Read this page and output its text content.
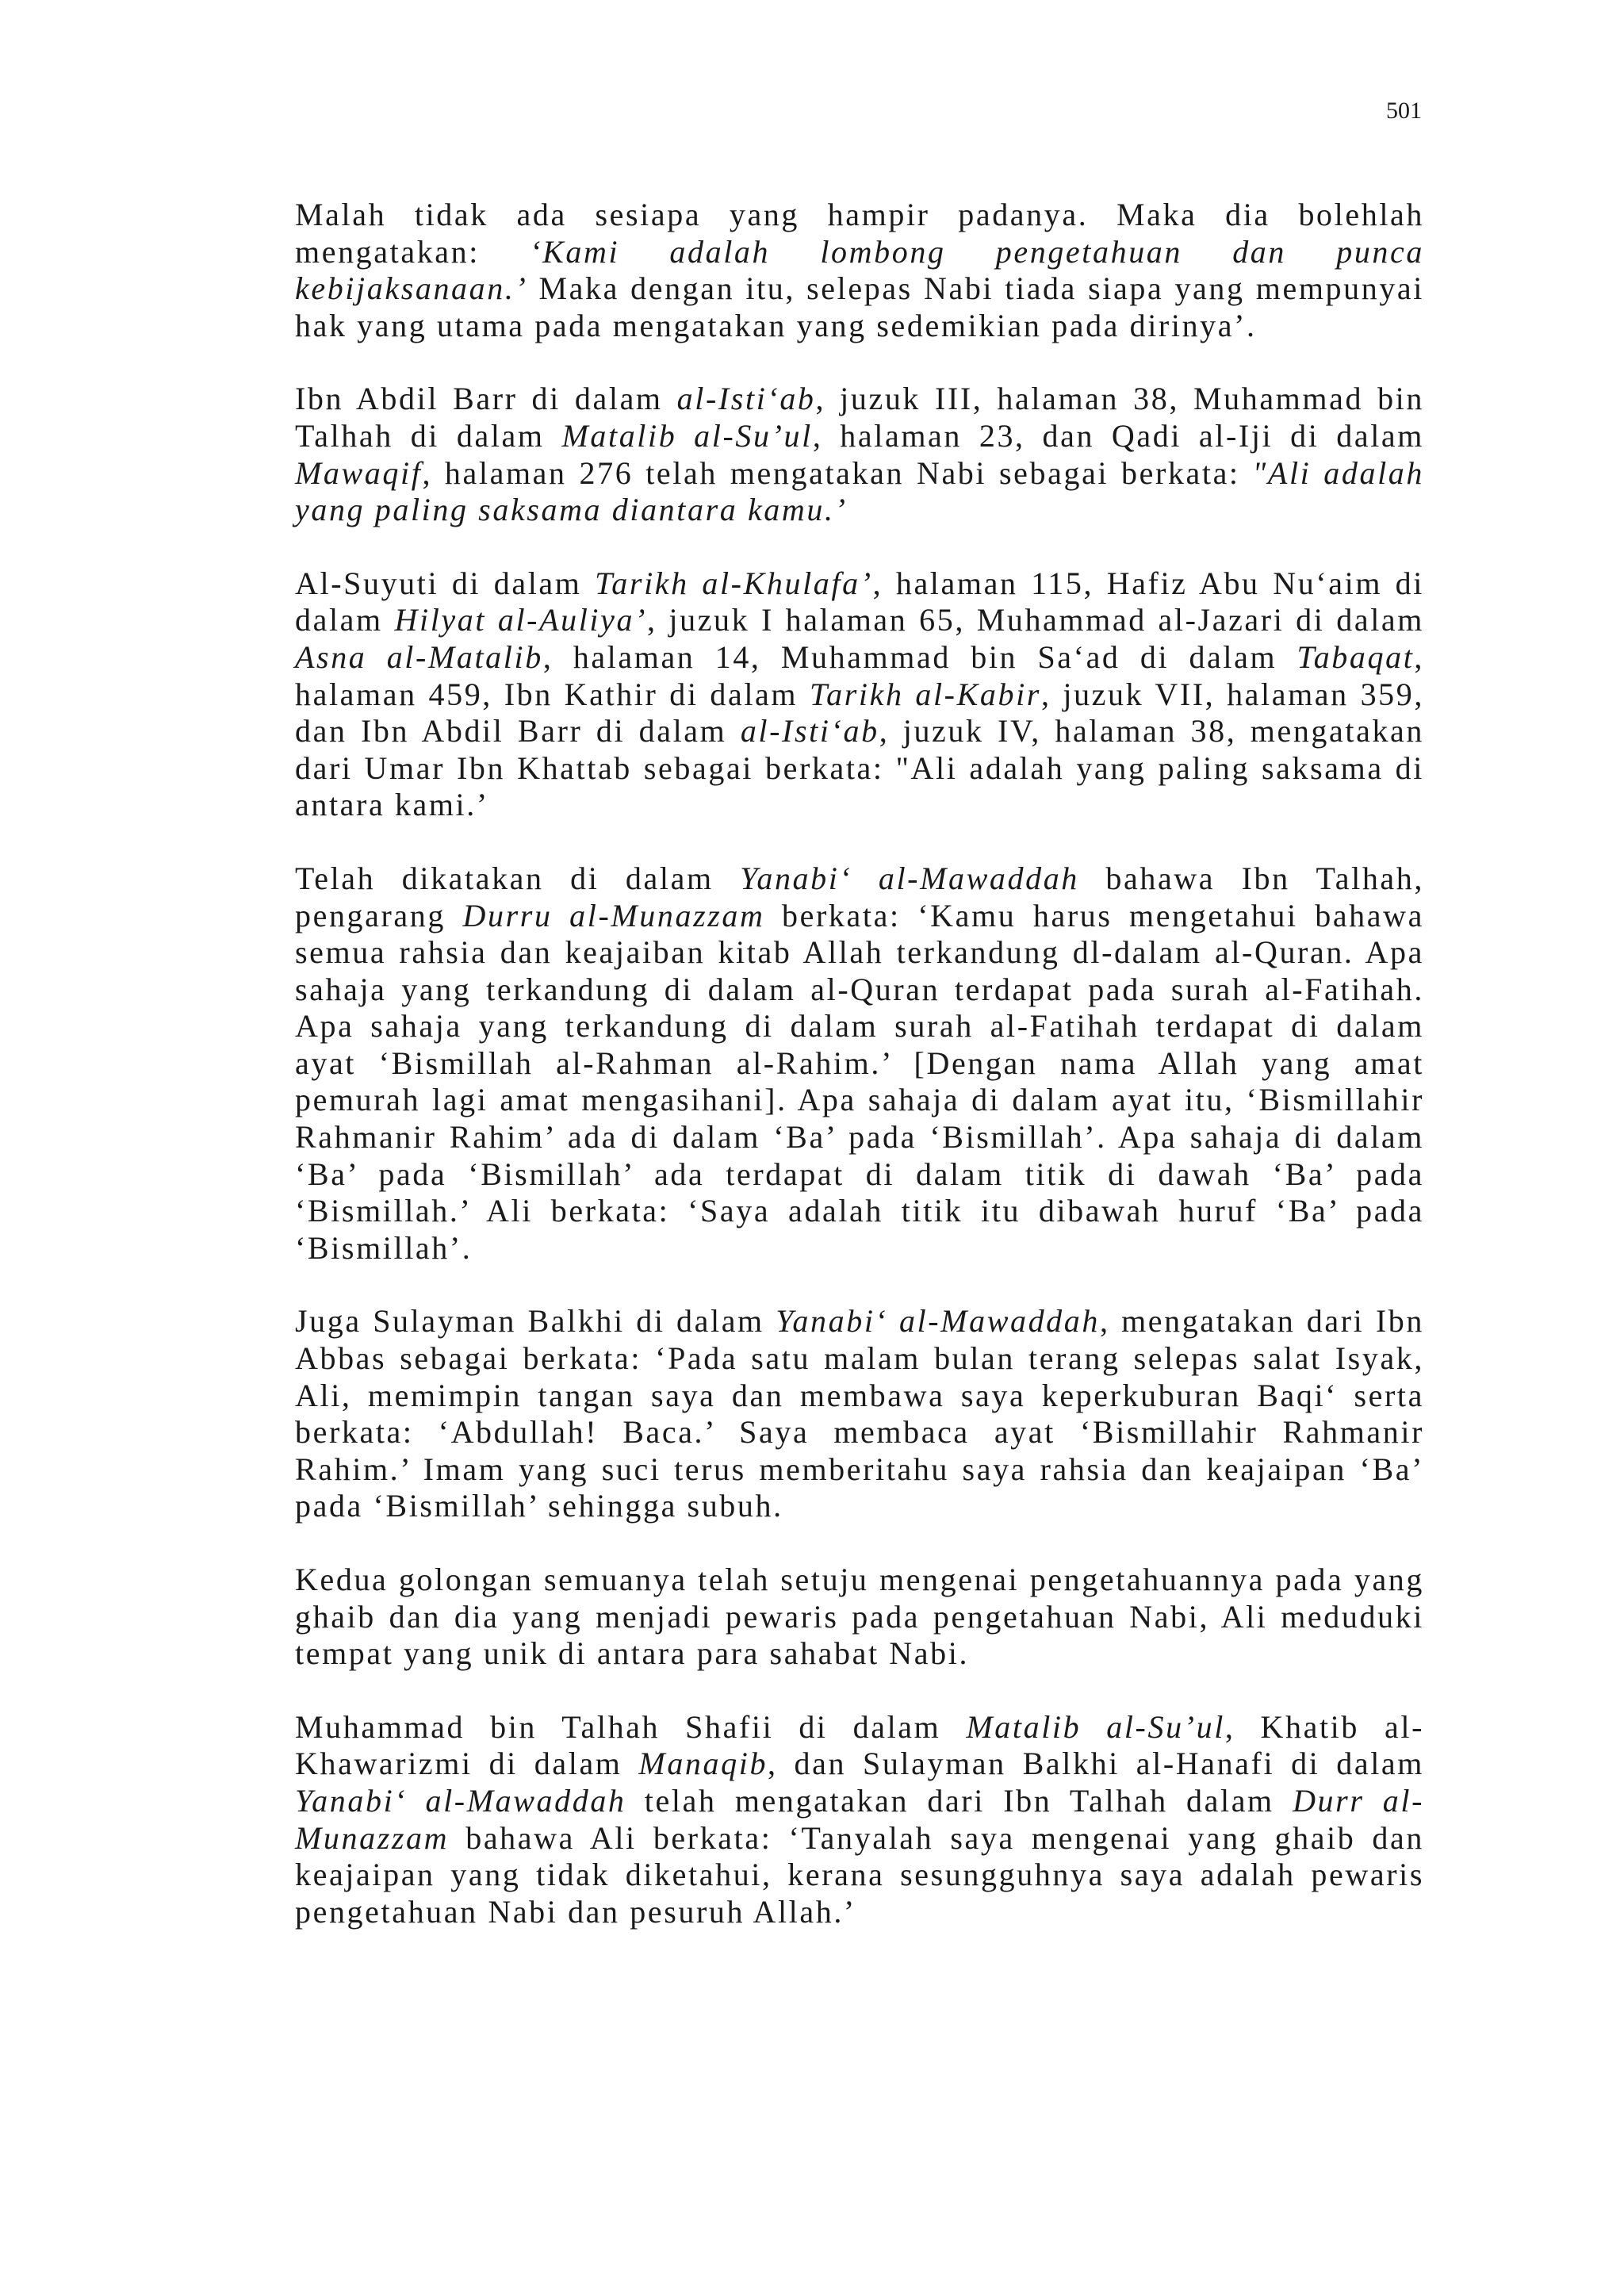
501

Malah tidak ada sesiapa yang hampir padanya. Maka dia bolehlah mengatakan: ‘Kami adalah lombong pengetahuan dan punca kebijaksanaan.’ Maka dengan itu, selepas Nabi tiada siapa yang mempunyai hak yang utama pada mengatakan yang sedemikian pada dirinya’.

Ibn Abdil Barr di dalam al-Isti‘ab, juzuk III, halaman 38, Muhammad bin Talhah di dalam Matalib al-Su’ul, halaman 23, dan Qadi al-Iji di dalam Mawaqif, halaman 276 telah mengatakan Nabi sebagai berkata: "Ali adalah yang paling saksama diantara kamu.’

Al-Suyuti di dalam Tarikh al-Khulafa’, halaman 115, Hafiz Abu Nu‘aim di dalam Hilyat al-Auliya’, juzuk I halaman 65, Muhammad al-Jazari di dalam Asna al-Matalib, halaman 14, Muhammad bin Sa‘ad di dalam Tabaqat, halaman 459, Ibn Kathir di dalam Tarikh al-Kabir, juzuk VII, halaman 359, dan Ibn Abdil Barr di dalam al-Isti‘ab, juzuk IV, halaman 38, mengatakan dari Umar Ibn Khattab sebagai berkata: "Ali adalah yang paling saksama di antara kami.’

Telah dikatakan di dalam Yanabi‘ al-Mawaddah bahawa Ibn Talhah, pengarang Durru al-Munazzam berkata: ‘Kamu harus mengetahui bahawa semua rahsia dan keajaiban kitab Allah terkandung dl-dalam al-Quran. Apa sahaja yang terkandung di dalam al-Quran terdapat pada surah al-Fatihah. Apa sahaja yang terkandung di dalam surah al-Fatihah terdapat di dalam ayat ‘Bismillah al-Rahman al-Rahim.’ [Dengan nama Allah yang amat pemurah lagi amat mengasihani]. Apa sahaja di dalam ayat itu, ‘Bismillahir Rahmanir Rahim’ ada di dalam ‘Ba’ pada ‘Bismillah’. Apa sahaja di dalam ‘Ba’ pada ‘Bismillah’ ada terdapat di dalam titik di dawah ‘Ba’ pada ‘Bismillah.’ Ali berkata: ‘Saya adalah titik itu dibawah huruf ‘Ba’ pada ‘Bismillah’.

Juga Sulayman Balkhi di dalam Yanabi‘ al-Mawaddah, mengatakan dari Ibn Abbas sebagai berkata: ‘Pada satu malam bulan terang selepas salat Isyak, Ali, memimpin tangan saya dan membawa saya keperkuburan Baqi‘ serta berkata: ‘Abdullah! Baca.’ Saya membaca ayat ‘Bismillahir Rahmanir Rahim.’ Imam yang suci terus memberitahu saya rahsia dan keajaipan ‘Ba’ pada ‘Bismillah’ sehingga subuh.

Kedua golongan semuanya telah setuju mengenai pengetahuannya pada yang ghaib dan dia yang menjadi pewaris pada pengetahuan Nabi, Ali meduduki tempat yang unik di antara para sahabat Nabi.

Muhammad bin Talhah Shafii di dalam Matalib al-Su’ul, Khatib al-Khawarizmi di dalam Manaqib, dan Sulayman Balkhi al-Hanafi di dalam Yanabi‘ al-Mawaddah telah mengatakan dari Ibn Talhah dalam Durr al-Munazzam bahawa Ali berkata: ‘Tanyalah saya mengenai yang ghaib dan keajaipan yang tidak diketahui, kerana sesungguhnya saya adalah pewaris pengetahuan Nabi dan pesuruh Allah.’
